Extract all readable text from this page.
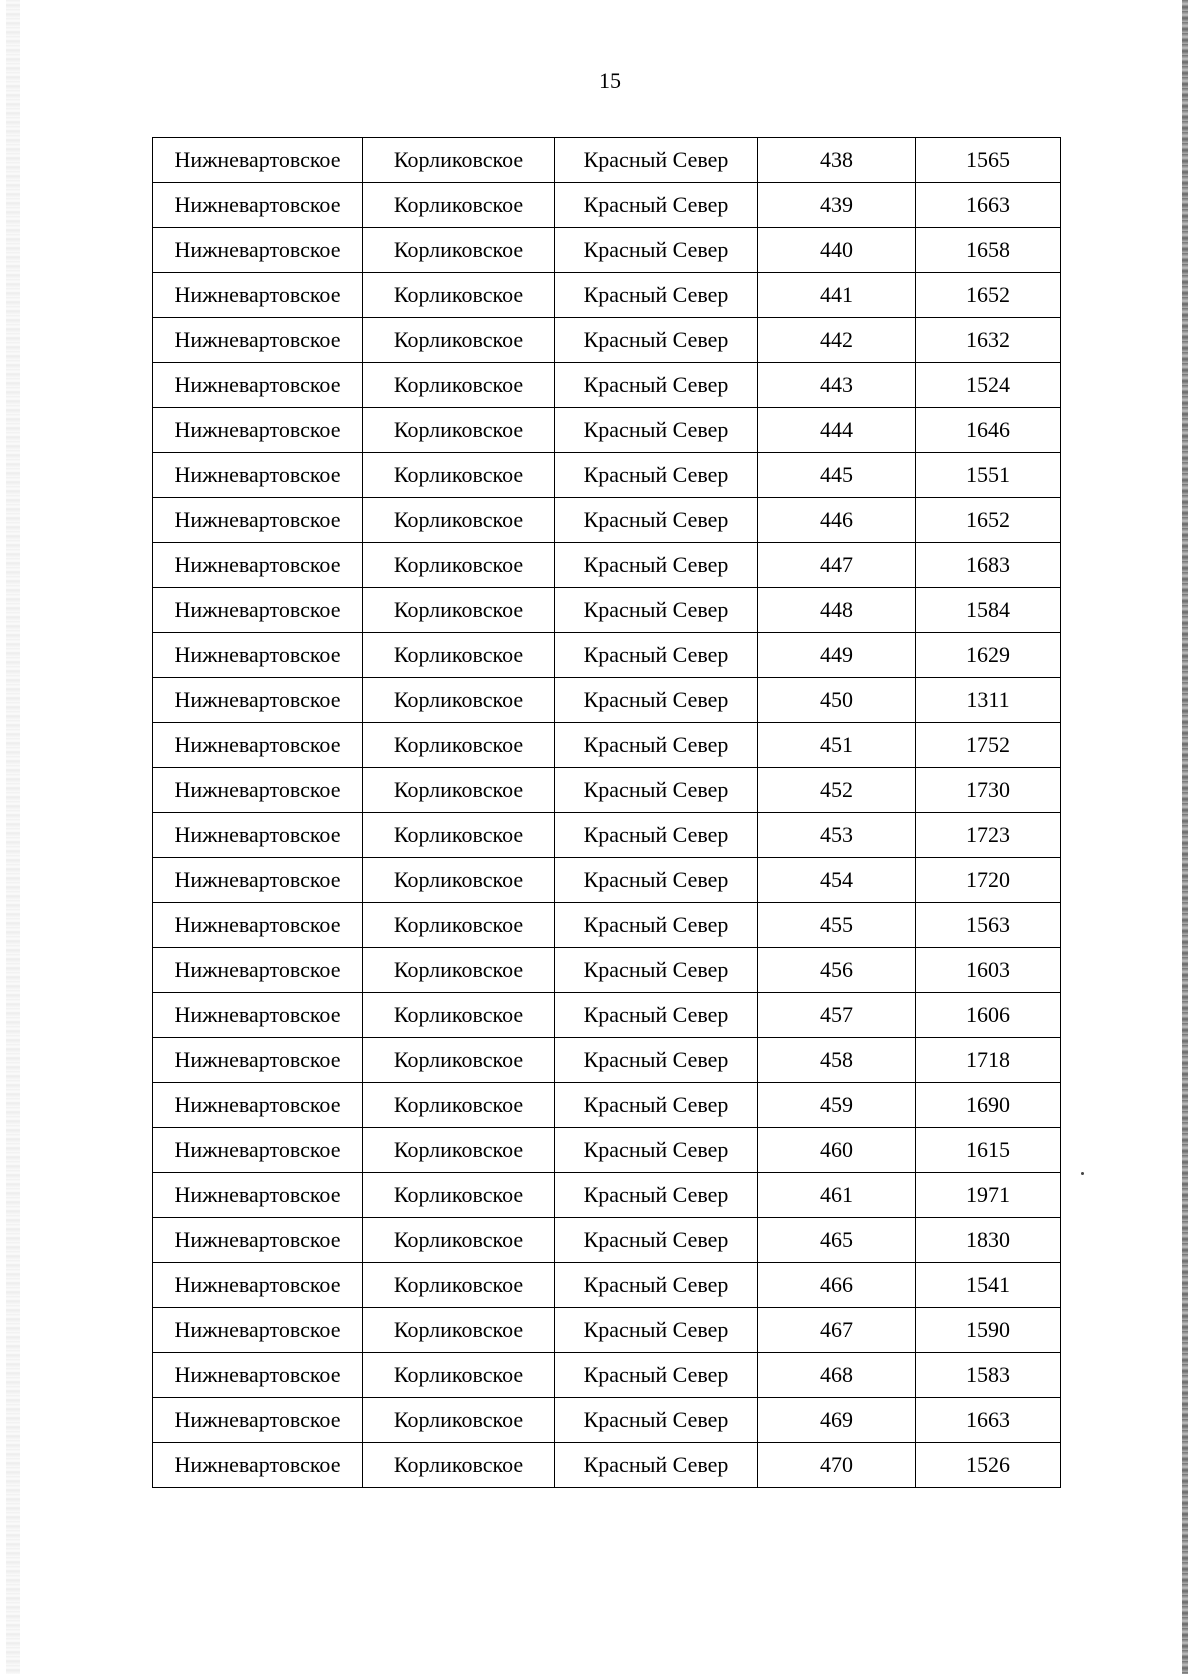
15
Нижневартовское	Корликовское	Красный Север	438	1565
Нижневартовское	Корликовское	Красный Север	439	1663
Нижневартовское	Корликовское	Красный Север	440	1658
Нижневартовское	Корликовское	Красный Север	441	1652
Нижневартовское	Корликовское	Красный Север	442	1632
Нижневартовское	Корликовское	Красный Север	443	1524
Нижневартовское	Корликовское	Красный Север	444	1646
Нижневартовское	Корликовское	Красный Север	445	1551
Нижневартовское	Корликовское	Красный Север	446	1652
Нижневартовское	Корликовское	Красный Север	447	1683
Нижневартовское	Корликовское	Красный Север	448	1584
Нижневартовское	Корликовское	Красный Север	449	1629
Нижневартовское	Корликовское	Красный Север	450	1311
Нижневартовское	Корликовское	Красный Север	451	1752
Нижневартовское	Корликовское	Красный Север	452	1730
Нижневартовское	Корликовское	Красный Север	453	1723
Нижневартовское	Корликовское	Красный Север	454	1720
Нижневартовское	Корликовское	Красный Север	455	1563
Нижневартовское	Корликовское	Красный Север	456	1603
Нижневартовское	Корликовское	Красный Север	457	1606
Нижневартовское	Корликовское	Красный Север	458	1718
Нижневартовское	Корликовское	Красный Север	459	1690
Нижневартовское	Корликовское	Красный Север	460	1615
Нижневартовское	Корликовское	Красный Север	461	1971
Нижневартовское	Корликовское	Красный Север	465	1830
Нижневартовское	Корликовское	Красный Север	466	1541
Нижневартовское	Корликовское	Красный Север	467	1590
Нижневартовское	Корликовское	Красный Север	468	1583
Нижневартовское	Корликовское	Красный Север	469	1663
Нижневартовское	Корликовское	Красный Север	470	1526
